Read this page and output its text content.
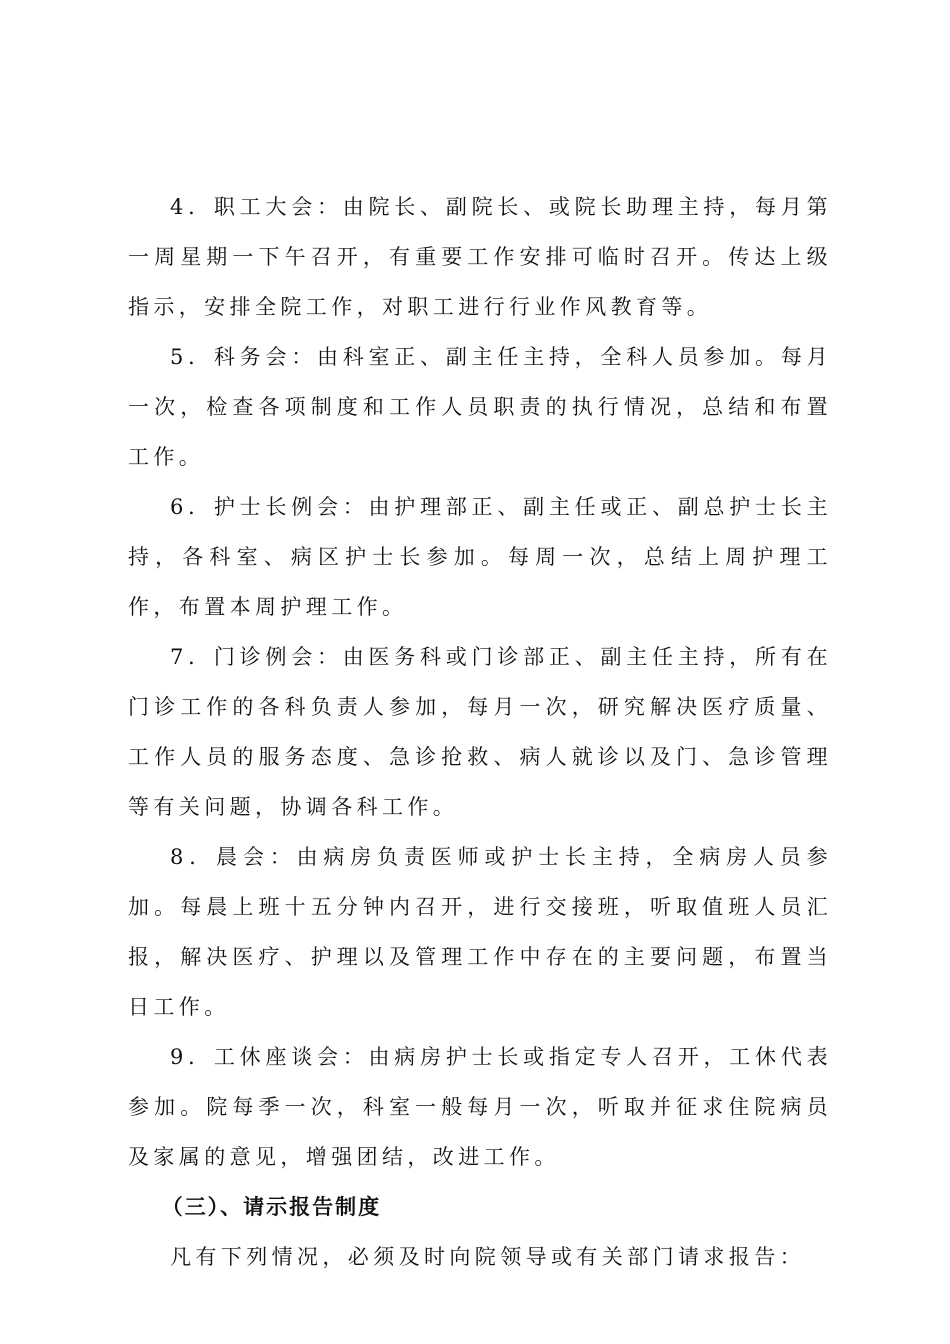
4．职工大会：由院长、副院长、或院长助理主持，每月第一周星期一下午召开，有重要工作安排可临时召开。传达上级指示，安排全院工作，对职工进行行业作风教育等。

5．科务会：由科室正、副主任主持，全科人员参加。每月一次，检查各项制度和工作人员职责的执行情况，总结和布置工作。

6．护士长例会：由护理部正、副主任或正、副总护士长主持，各科室、病区护士长参加。每周一次，总结上周护理工作，布置本周护理工作。

7．门诊例会：由医务科或门诊部正、副主任主持，所有在门诊工作的各科负责人参加，每月一次，研究解决医疗质量、工作人员的服务态度、急诊抢救、病人就诊以及门、急诊管理等有关问题，协调各科工作。

8．晨会：由病房负责医师或护士长主持，全病房人员参加。每晨上班十五分钟内召开，进行交接班，听取值班人员汇报，解决医疗、护理以及管理工作中存在的主要问题，布置当日工作。

9．工休座谈会：由病房护士长或指定专人召开，工休代表参加。院每季一次，科室一般每月一次，听取并征求住院病员及家属的意见，增强团结，改进工作。

（三）、请示报告制度

凡有下列情况，必须及时向院领导或有关部门请求报告：
